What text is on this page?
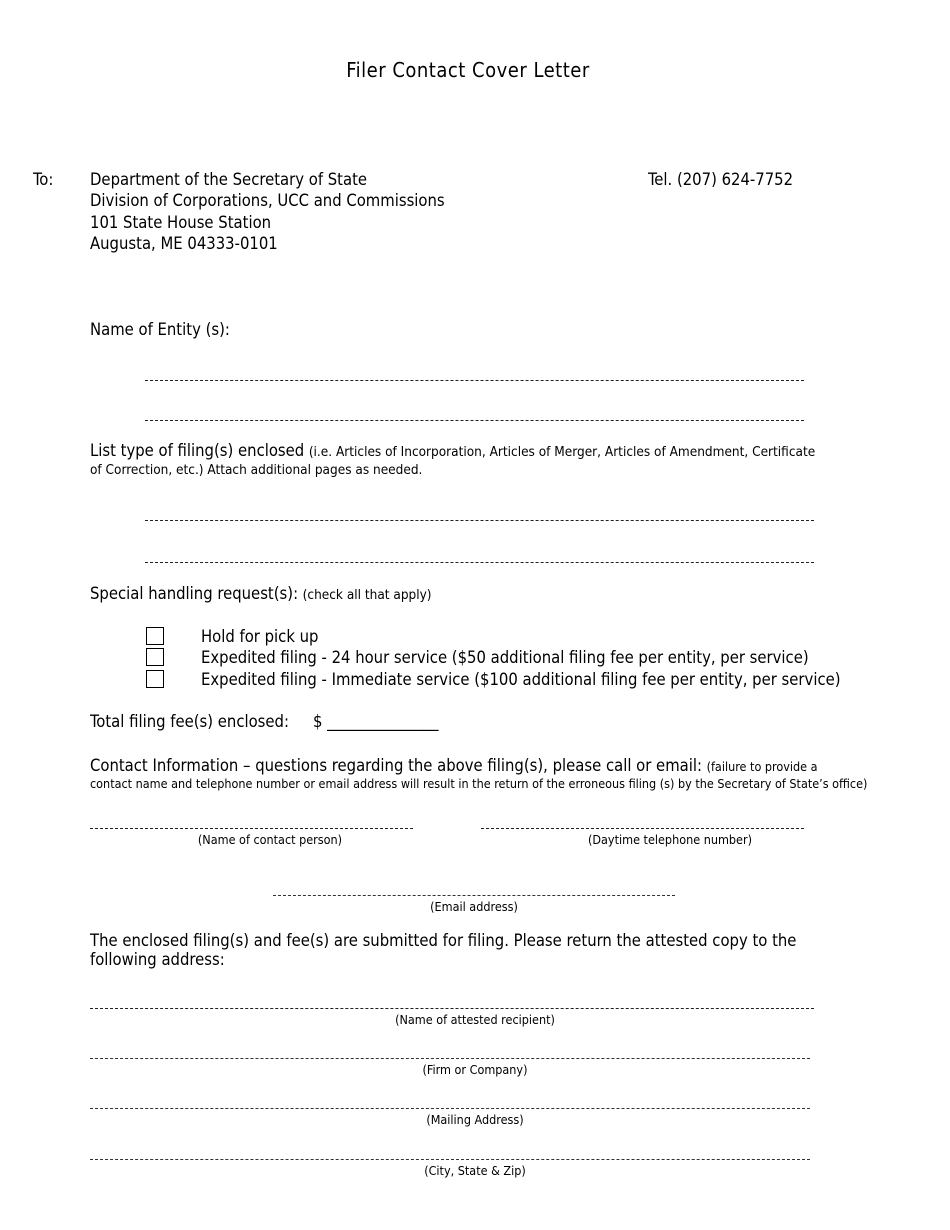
Filer Contact Cover Letter
To: Department of the Secretary of State
Division of Corporations, UCC and Commissions
101 State House Station
Augusta, ME 04333-0101
Tel. (207) 624-7752
Name of Entity (s):
List type of filing(s) enclosed (i.e. Articles of Incorporation, Articles of Merger, Articles of Amendment, Certificate
of Correction, etc.) Attach additional pages as needed.
Special handling request(s): (check all that apply)
Hold for pick up
Expedited filing - 24 hour service ($50 additional filing fee per entity, per service)
Expedited filing - Immediate service ($100 additional filing fee per entity, per service)
Total filing fee(s) enclosed: $ _______________
Contact Information – questions regarding the above filing(s), please call or email: (failure to provide a
contact name and telephone number or email address will result in the return of the erroneous filing (s) by the Secretary of State’s office)
(Name of contact person)	(Daytime telephone number)
(Email address)
The enclosed filing(s) and fee(s) are submitted for filing. Please return the attested copy to the following address:
(Name of attested recipient)
(Firm or Company)
(Mailing Address)
(City, State & Zip)
